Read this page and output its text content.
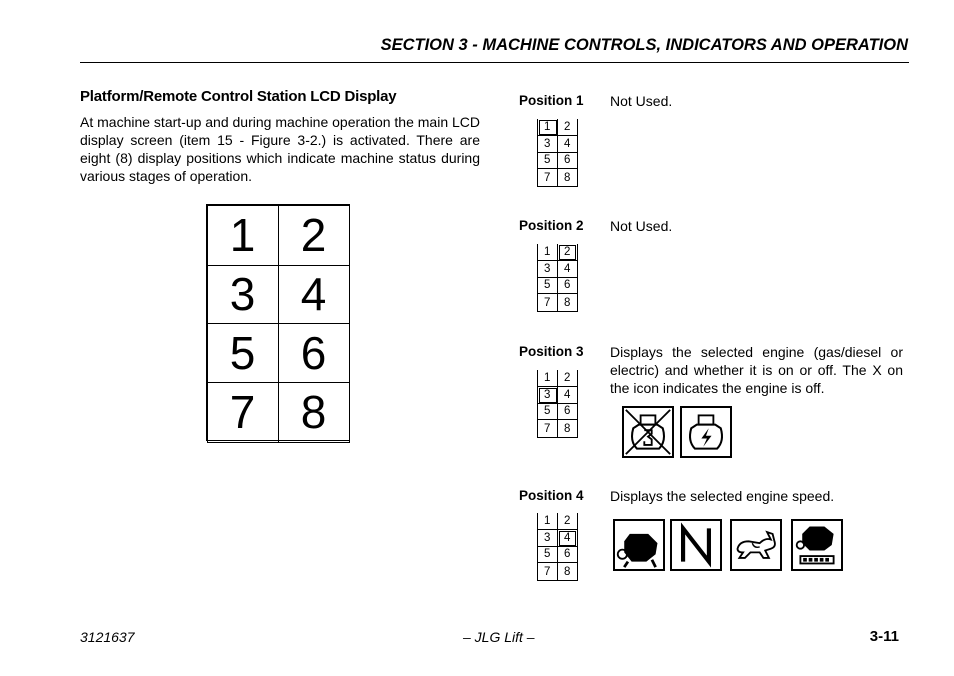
SECTION 3 - MACHINE CONTROLS, INDICATORS AND OPERATION
Platform/Remote Control Station LCD Display
At machine start-up and during machine operation the main LCD display screen (item 15 - Figure 3-2.) is activated. There are eight (8) display positions which indicate machine status during various stages of operation.
1 2
3 4
5 6
7 8
Position 1 Not Used.
1	2
3	4
5	6
7	8
Position 2 Not Used.
1	2
3	4
5	6
7	8
Position 3 Displays the selected engine (gas/diesel or electric) and whether it is on or off. The X on the icon indicates the engine is off.
1	2
3	4
5	6
7	8
Position 4 Displays the selected engine speed.
1	2
3	4
5	6
7	8
3121637	– JLG Lift –	3-11
